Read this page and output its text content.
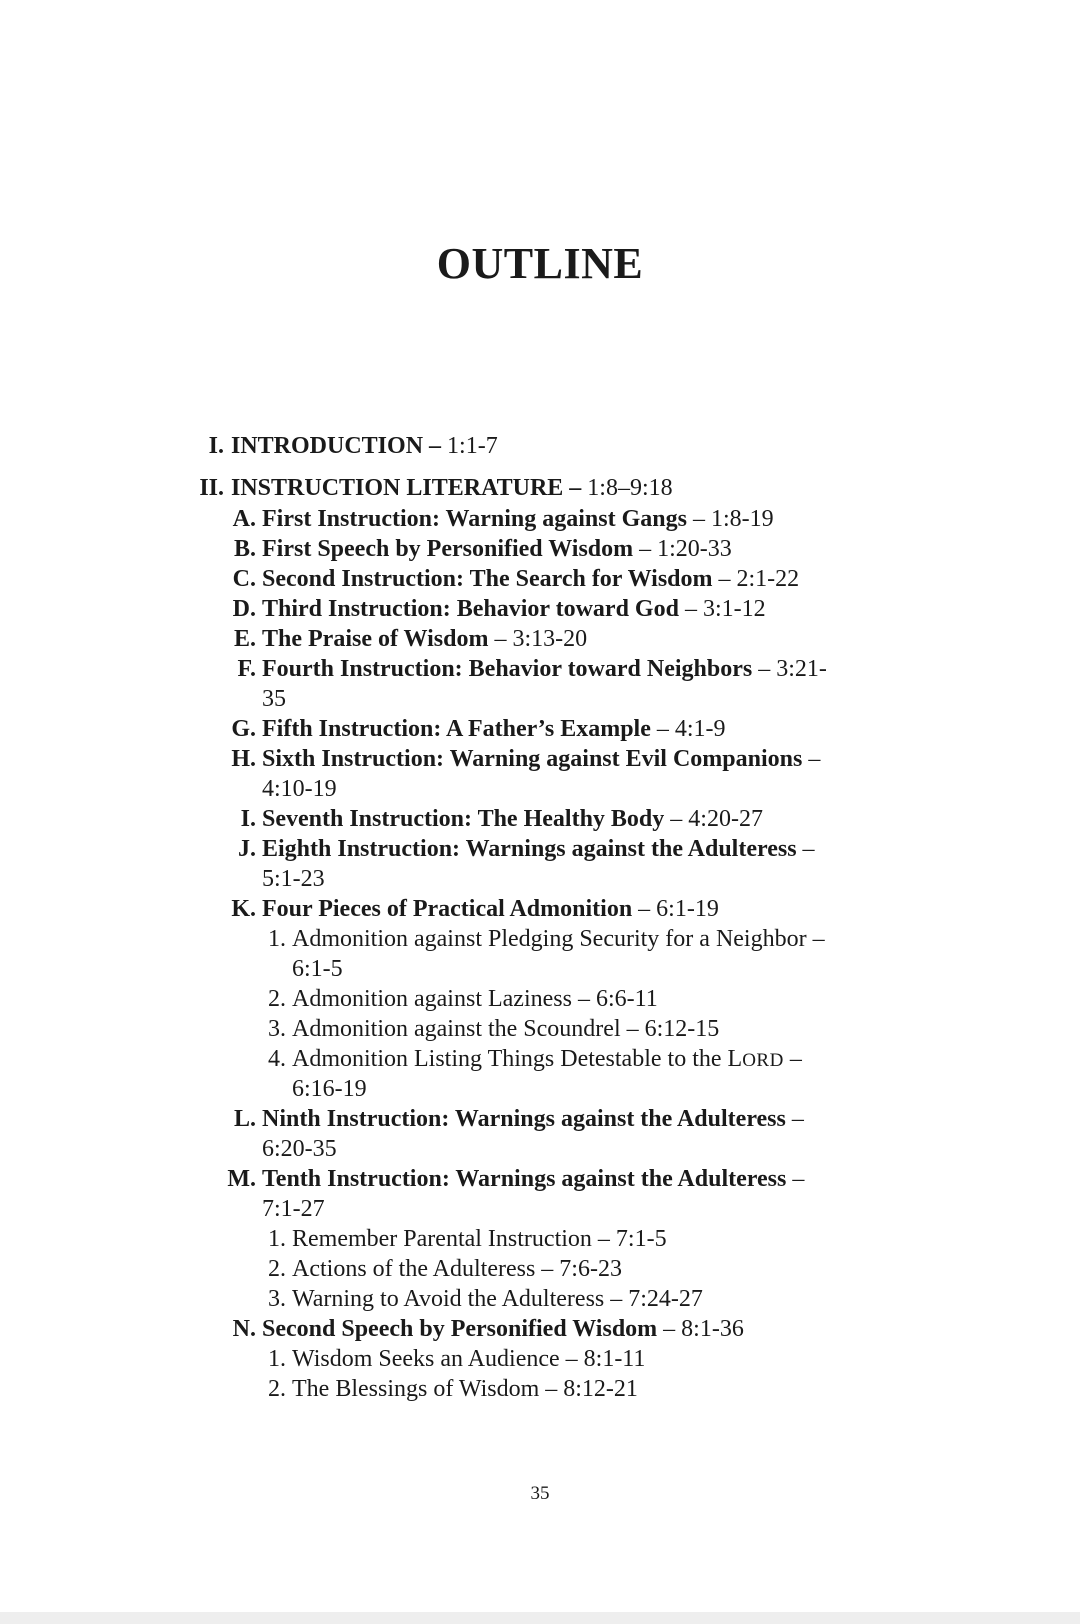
OUTLINE
I. INTRODUCTION – 1:1-7
II. INSTRUCTION LITERATURE – 1:8–9:18
A. First Instruction: Warning against Gangs – 1:8-19
B. First Speech by Personified Wisdom – 1:20-33
C. Second Instruction: The Search for Wisdom – 2:1-22
D. Third Instruction: Behavior toward God – 3:1-12
E. The Praise of Wisdom – 3:13-20
F. Fourth Instruction: Behavior toward Neighbors – 3:21-
35
G. Fifth Instruction: A Father’s Example – 4:1-9
H. Sixth Instruction: Warning against Evil Companions –
4:10-19
I. Seventh Instruction: The Healthy Body – 4:20-27
J. Eighth Instruction: Warnings against the Adulteress –
5:1-23
K. Four Pieces of Practical Admonition – 6:1-19
1. Admonition against Pledging Security for a Neighbor –
6:1-5
2. Admonition against Laziness – 6:6-11
3. Admonition against the Scoundrel – 6:12-15
4. Admonition Listing Things Detestable to the LORD –
6:16-19
L. Ninth Instruction: Warnings against the Adulteress –
6:20-35
M. Tenth Instruction: Warnings against the Adulteress –
7:1-27
1. Remember Parental Instruction – 7:1-5
2. Actions of the Adulteress – 7:6-23
3. Warning to Avoid the Adulteress – 7:24-27
N. Second Speech by Personified Wisdom – 8:1-36
1. Wisdom Seeks an Audience – 8:1-11
2. The Blessings of Wisdom – 8:12-21
35
